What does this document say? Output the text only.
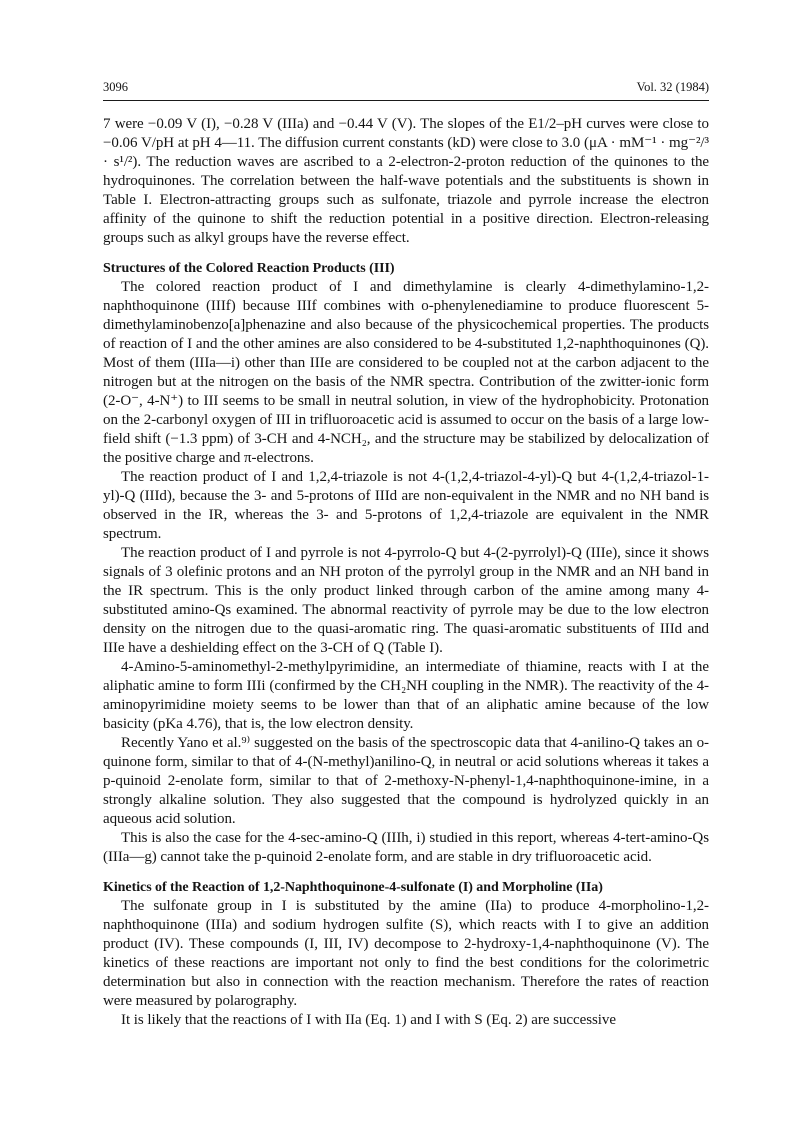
3096	Vol. 32 (1984)

7 were −0.09 V (I), −0.28 V (IIIa) and −0.44 V (V). The slopes of the E1/2–pH curves were close to −0.06 V/pH at pH 4—11. The diffusion current constants (kD) were close to 3.0 (μA · mM⁻¹ · mg⁻²/³ · s¹/²). The reduction waves are ascribed to a 2-electron-2-proton reduction of the quinones to the hydroquinones. The correlation between the half-wave potentials and the substituents is shown in Table I. Electron-attracting groups such as sulfonate, triazole and pyrrole increase the electron affinity of the quinone to shift the reduction potential in a positive direction. Electron-releasing groups such as alkyl groups have the reverse effect.

Structures of the Colored Reaction Products (III)

The colored reaction product of I and dimethylamine is clearly 4-dimethylamino-1,2-naphthoquinone (IIIf) because IIIf combines with o-phenylenediamine to produce fluorescent 5-dimethylaminobenzo[a]phenazine and also because of the physicochemical properties. The products of reaction of I and the other amines are also considered to be 4-substituted 1,2-naphthoquinones (Q). Most of them (IIIa—i) other than IIIe are considered to be coupled not at the carbon adjacent to the nitrogen but at the nitrogen on the basis of the NMR spectra. Contribution of the zwitter-ionic form (2-O⁻, 4-N⁺) to III seems to be small in neutral solution, in view of the hydrophobicity. Protonation on the 2-carbonyl oxygen of III in trifluoroacetic acid is assumed to occur on the basis of a large low-field shift (−1.3 ppm) of 3-CH and 4-NCH₂, and the structure may be stabilized by delocalization of the positive charge and π-electrons.

The reaction product of I and 1,2,4-triazole is not 4-(1,2,4-triazol-4-yl)-Q but 4-(1,2,4-triazol-1-yl)-Q (IIId), because the 3- and 5-protons of IIId are non-equivalent in the NMR and no NH band is observed in the IR, whereas the 3- and 5-protons of 1,2,4-triazole are equivalent in the NMR spectrum.

The reaction product of I and pyrrole is not 4-pyrrolo-Q but 4-(2-pyrrolyl)-Q (IIIe), since it shows signals of 3 olefinic protons and an NH proton of the pyrrolyl group in the NMR and an NH band in the IR spectrum. This is the only product linked through carbon of the amine among many 4-substituted amino-Qs examined. The abnormal reactivity of pyrrole may be due to the low electron density on the nitrogen due to the quasi-aromatic ring. The quasi-aromatic substituents of IIId and IIIe have a deshielding effect on the 3-CH of Q (Table I).

4-Amino-5-aminomethyl-2-methylpyrimidine, an intermediate of thiamine, reacts with I at the aliphatic amine to form IIIi (confirmed by the CH₂NH coupling in the NMR). The reactivity of the 4-aminopyrimidine moiety seems to be lower than that of an aliphatic amine because of the low basicity (pKa 4.76), that is, the low electron density.

Recently Yano et al.⁹⁾ suggested on the basis of the spectroscopic data that 4-anilino-Q takes an o-quinone form, similar to that of 4-(N-methyl)anilino-Q, in neutral or acid solutions whereas it takes a p-quinoid 2-enolate form, similar to that of 2-methoxy-N-phenyl-1,4-naphthoquinone-imine, in a strongly alkaline solution. They also suggested that the compound is hydrolyzed quickly in an aqueous acid solution.

This is also the case for the 4-sec-amino-Q (IIIh, i) studied in this report, whereas 4-tert-amino-Qs (IIIa—g) cannot take the p-quinoid 2-enolate form, and are stable in dry trifluoroacetic acid.

Kinetics of the Reaction of 1,2-Naphthoquinone-4-sulfonate (I) and Morpholine (IIa)

The sulfonate group in I is substituted by the amine (IIa) to produce 4-morpholino-1,2-naphthoquinone (IIIa) and sodium hydrogen sulfite (S), which reacts with I to give an addition product (IV). These compounds (I, III, IV) decompose to 2-hydroxy-1,4-naphthoquinone (V). The kinetics of these reactions are important not only to find the best conditions for the colorimetric determination but also in connection with the reaction mechanism. Therefore the rates of reaction were measured by polarography.

It is likely that the reactions of I with IIa (Eq. 1) and I with S (Eq. 2) are successive
